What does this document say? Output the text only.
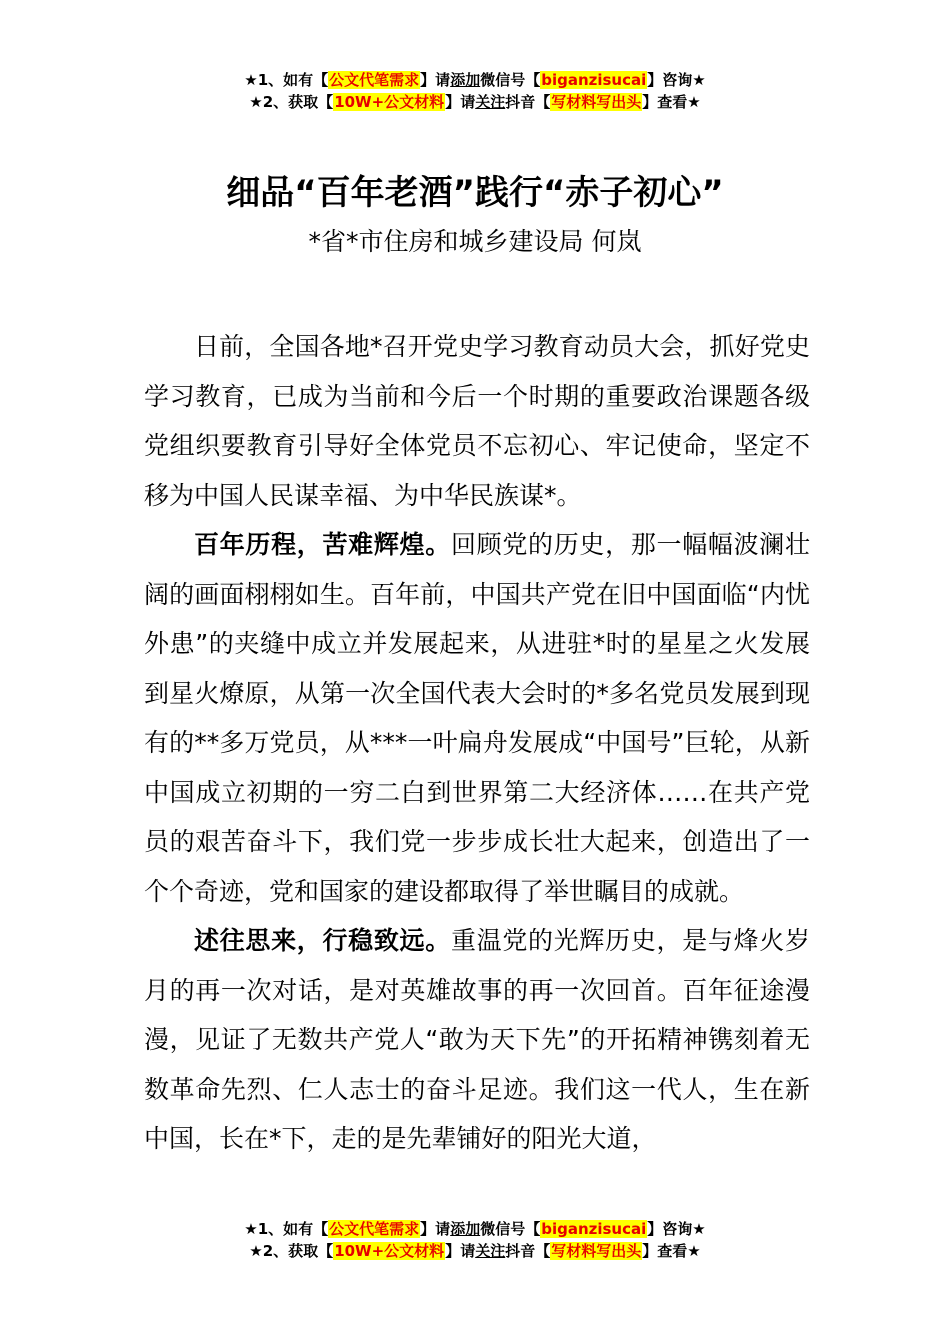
★1、如有【公文代笔需求】请添加微信号【biganzisucai】咨询★
★2、获取【10W+公文材料】请关注抖音【写材料写出头】查看★
细品“百年老酒”践行“赤子初心”
*省*市住房和城乡建设局 何岚

日前，全国各地*召开党史学习教育动员大会，抓好党史学习教育，已成为当前和今后一个时期的重要政治课题各级党组织要教育引导好全体党员不忘初心、牢记使命，坚定不移为中国人民谋幸福、为中华民族谋*。

百年历程，苦难辉煌。回顾党的历史，那一幅幅波澜壮阔的画面栩栩如生。百年前，中国共产党在旧中国面临“内忧外患”的夹缝中成立并发展起来，从进驻*时的星星之火发展到星火燎原，从第一次全国代表大会时的*多名党员发展到现有的**多万党员，从***一叶扁舟发展成“中国号”巨轮，从新中国成立初期的一穷二白到世界第二大经济体……在共产党员的艰苦奋斗下，我们党一步步成长壮大起来，创造出了一个个奇迹，党和国家的建设都取得了举世瞩目的成就。

述往思来，行稳致远。重温党的光辉历史，是与烽火岁月的再一次对话，是对英雄故事的再一次回首。百年征途漫漫，见证了无数共产党人“敢为天下先”的开拓精神镌刻着无数革命先烈、仁人志士的奋斗足迹。我们这一代人，生在新中国，长在*下，走的是先辈铺好的阳光大道，

★1、如有【公文代笔需求】请添加微信号【biganzisucai】咨询★
★2、获取【10W+公文材料】请关注抖音【写材料写出头】查看★
